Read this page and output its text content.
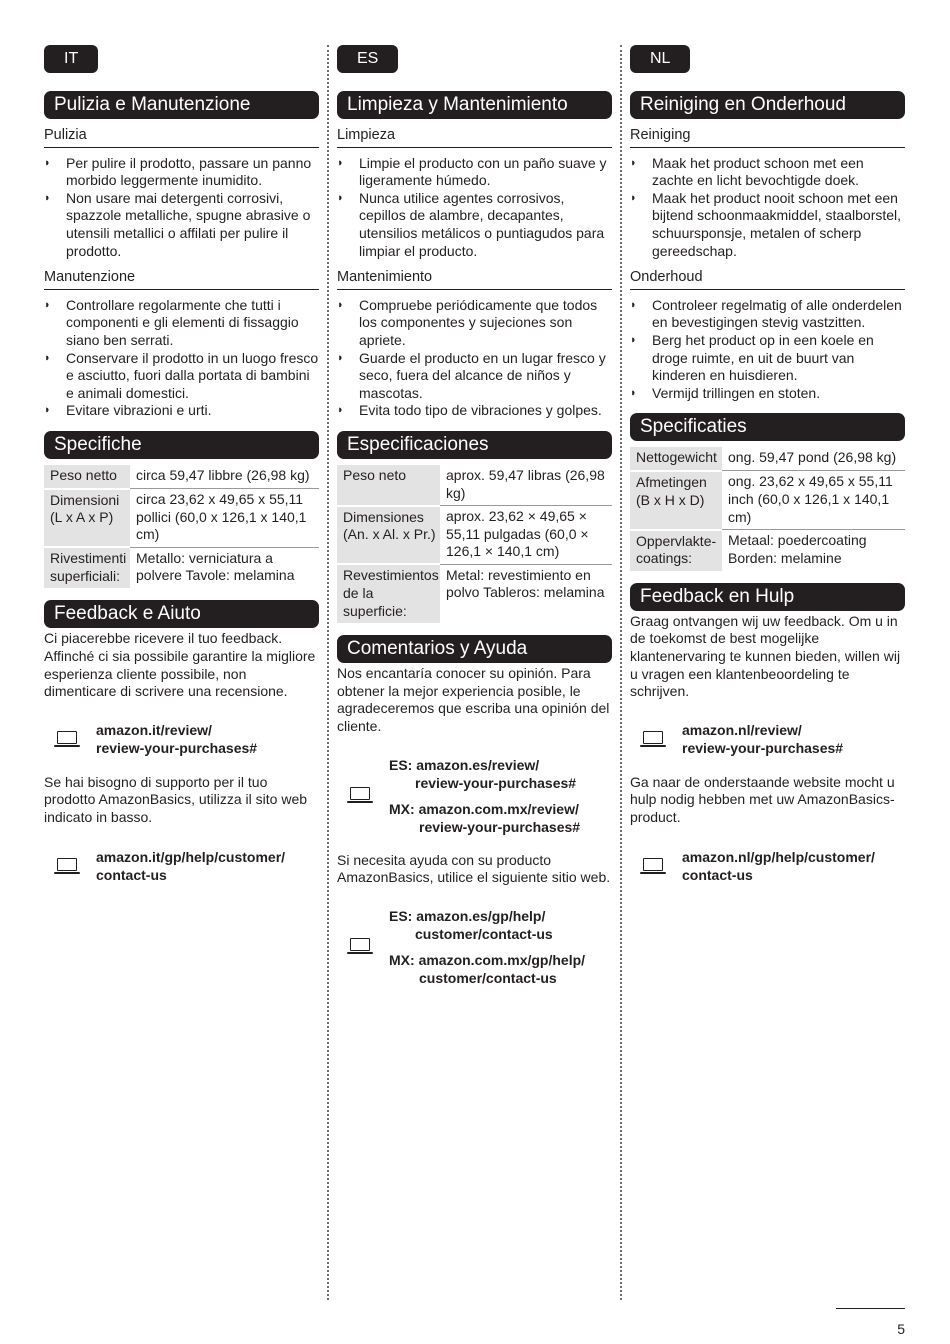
IT
Pulizia e Manutenzione
Pulizia
◗ Per pulire il prodotto, passare un panno morbido leggermente inumidito.
◗ Non usare mai detergenti corrosivi, spazzole metalliche, spugne abrasive o utensili metallici o affilati per pulire il prodotto.
Manutenzione
◗ Controllare regolarmente che tutti i componenti e gli elementi di fissaggio siano ben serrati.
◗ Conservare il prodotto in un luogo fresco e asciutto, fuori dalla portata di bambini e animali domestici.
◗ Evitare vibrazioni e urti.
Specifiche
Peso netto	circa 59,47 libbre (26,98 kg)
Dimensioni (L x A x P)	circa 23,62 x 49,65 x 55,11 pollici (60,0 x 126,1 x 140,1 cm)
Rivestimenti superficiali:	Metallo: verniciatura a polvere Tavole: melamina
Feedback e Aiuto

Ci piacerebbe ricevere il tuo feedback. Affinché ci sia possibile garantire la migliore esperienza cliente possibile, non dimenticare di scrivere una recensione.

amazon.it/review/
review-your-purchases#

Se hai bisogno di supporto per il tuo prodotto AmazonBasics, utilizza il sito web indicato in basso.

amazon.it/gp/help/customer/
contact-us
ES
Limpieza y Mantenimiento
Limpieza
◗ Limpie el producto con un paño suave y ligeramente húmedo.
◗ Nunca utilice agentes corrosivos, cepillos de alambre, decapantes, utensilios metálicos o puntiagudos para limpiar el producto.
Mantenimiento
◗ Compruebe periódicamente que todos los componentes y sujeciones son apriete.
◗ Guarde el producto en un lugar fresco y seco, fuera del alcance de niños y mascotas.
◗ Evita todo tipo de vibraciones y golpes.
Especificaciones
Peso neto	aprox. 59,47 libras (26,98 kg)
Dimensiones (An. x Al. x Pr.)	aprox. 23,62 × 49,65 × 55,11 pulgadas (60,0 × 126,1 × 140,1 cm)
Revestimientos de la superficie:	Metal: revestimiento en polvo Tableros: melamina
Comentarios y Ayuda

Nos encantaría conocer su opinión. Para obtener la mejor experiencia posible, le agradeceremos que escriba una opinión del cliente.

ES: amazon.es/review/
review-your-purchases#
MX: amazon.com.mx/review/
review-your-purchases#

Si necesita ayuda con su producto AmazonBasics, utilice el siguiente sitio web.

ES: amazon.es/gp/help/
customer/contact-us
MX: amazon.com.mx/gp/help/
customer/contact-us
NL
Reiniging en Onderhoud
Reiniging
◗ Maak het product schoon met een zachte en licht bevochtigde doek.
◗ Maak het product nooit schoon met een bijtend schoonmaakmiddel, staalborstel, schuursponsje, metalen of scherp gereedschap.
Onderhoud
◗ Controleer regelmatig of alle onderdelen en bevestigingen stevig vastzitten.
◗ Berg het product op in een koele en droge ruimte, en uit de buurt van kinderen en huisdieren.
◗ Vermijd trillingen en stoten.
Specificaties
Nettogewicht	ong. 59,47 pond (26,98 kg)
Afmetingen (B x H x D)	ong. 23,62 x 49,65 x 55,11 inch (60,0 x 126,1 x 140,1 cm)
Oppervlakte-coatings:	Metaal: poedercoating Borden: melamine
Feedback en Hulp

Graag ontvangen wij uw feedback. Om u in de toekomst de best mogelijke klantenervaring te kunnen bieden, willen wij u vragen een klantenbeoordeling te schrijven.

amazon.nl/review/
review-your-purchases#

Ga naar de onderstaande website mocht u hulp nodig hebben met uw AmazonBasics-product.

amazon.nl/gp/help/customer/
contact-us
5
